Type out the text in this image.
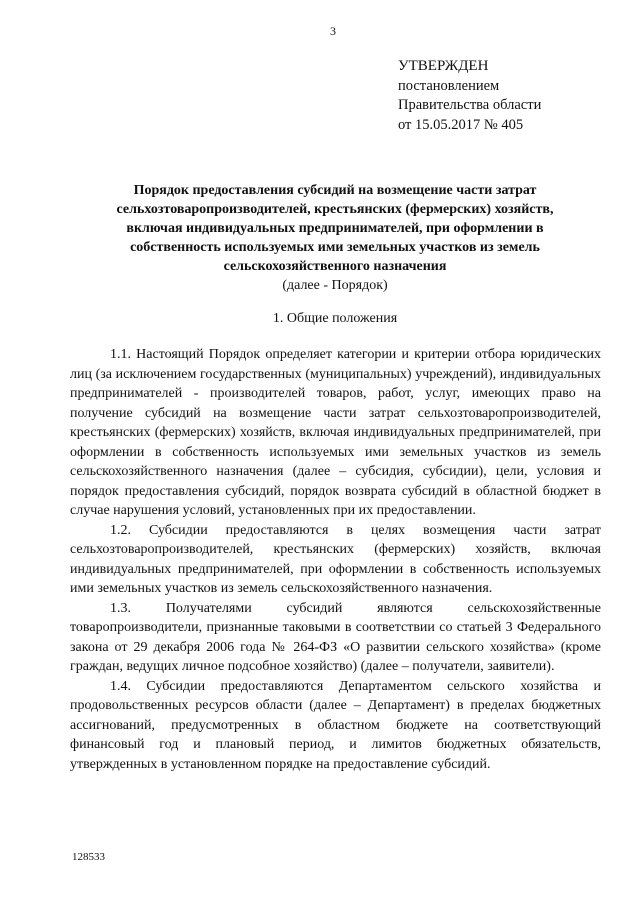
3
УТВЕРЖДЕН
постановлением
Правительства области
от 15.05.2017 № 405
Порядок предоставления субсидий на возмещение части затрат
сельхозтоваропроизводителей, крестьянских (фермерских) хозяйств,
включая индивидуальных предпринимателей, при оформлении в
собственность используемых ими земельных участков из земель
сельскохозяйственного назначения
(далее - Порядок)
1. Общие положения

1.1. Настоящий Порядок определяет категории и критерии отбора юридических лиц (за исключением государственных (муниципальных) учреждений), индивидуальных предпринимателей - производителей товаров, работ, услуг, имеющих право на получение субсидий на возмещение части затрат сельхозтоваропроизводителей, крестьянских (фермерских) хозяйств, включая индивидуальных предпринимателей, при оформлении в собственность используемых ими земельных участков из земель сельскохозяйственного назначения (далее – субсидия, субсидии), цели, условия и порядок предоставления субсидий, порядок возврата субсидий в областной бюджет в случае нарушения условий, установленных при их предоставлении.

1.2. Субсидии предоставляются в целях возмещения части затрат сельхозтоваропроизводителей, крестьянских (фермерских) хозяйств, включая индивидуальных предпринимателей, при оформлении в собственность используемых ими земельных участков из земель сельскохозяйственного назначения.

1.3. Получателями субсидий являются сельскохозяйственные товаропроизводители, признанные таковыми в соответствии со статьей 3 Федерального закона от 29 декабря 2006 года № 264-ФЗ «О развитии сельского хозяйства» (кроме граждан, ведущих личное подсобное хозяйство) (далее – получатели, заявители).

1.4. Субсидии предоставляются Департаментом сельского хозяйства и продовольственных ресурсов области (далее – Департамент) в пределах бюджетных ассигнований, предусмотренных в областном бюджете на соответствующий финансовый год и плановый период, и лимитов бюджетных обязательств, утвержденных в установленном порядке на предоставление субсидий.

128533
